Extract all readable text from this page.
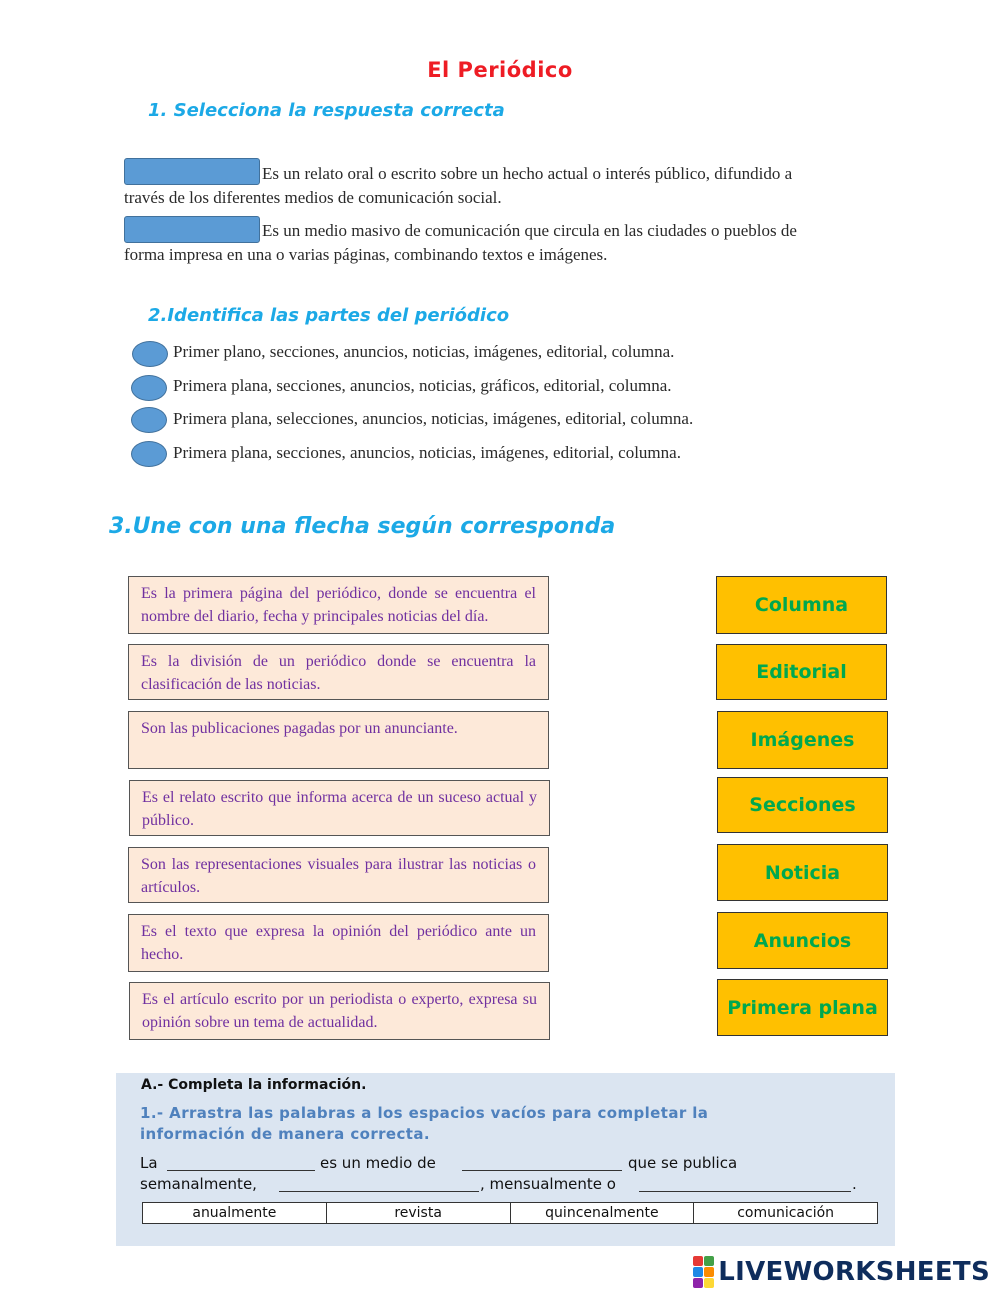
El Periódico
1. Selecciona la respuesta correcta
Es un relato oral o escrito sobre un hecho actual o interés público, difundido a
través de los diferentes medios de comunicación social.
Es un medio masivo de comunicación que circula en las ciudades o pueblos de
forma impresa en una o varias páginas, combinando textos e imágenes.
2.Identifica las partes del periódico
Primer plano, secciones, anuncios, noticias, imágenes, editorial, columna.
Primera plana, secciones, anuncios, noticias, gráficos, editorial, columna.
Primera plana, selecciones, anuncios, noticias, imágenes, editorial, columna.
Primera plana, secciones, anuncios, noticias, imágenes, editorial, columna.
3.Une con una flecha según corresponda
Es la primera página del periódico, donde se encuentra el nombre del diario, fecha y principales noticias del día.
Es la división de un periódico donde se encuentra la clasificación de las noticias.
Son las publicaciones pagadas por un anunciante.
Es el relato escrito que informa acerca de un suceso actual y público.
Son las representaciones visuales para ilustrar las noticias o artículos.
Es el texto que expresa la opinión del periódico ante un hecho.
Es el artículo escrito por un periodista o experto, expresa su opinión sobre un tema de actualidad.
Columna
Editorial
Imágenes
Secciones
Noticia
Anuncios
Primera plana
A.- Completa la información.
1.- Arrastra las palabras a los espacios vacíos para completar la
información de manera correcta.
La	es un medio de	que se publica
semanalmente,	, mensualmente o	.
anualmente	revista	quincenalmente	comunicación
LIVEWORKSHEETS
